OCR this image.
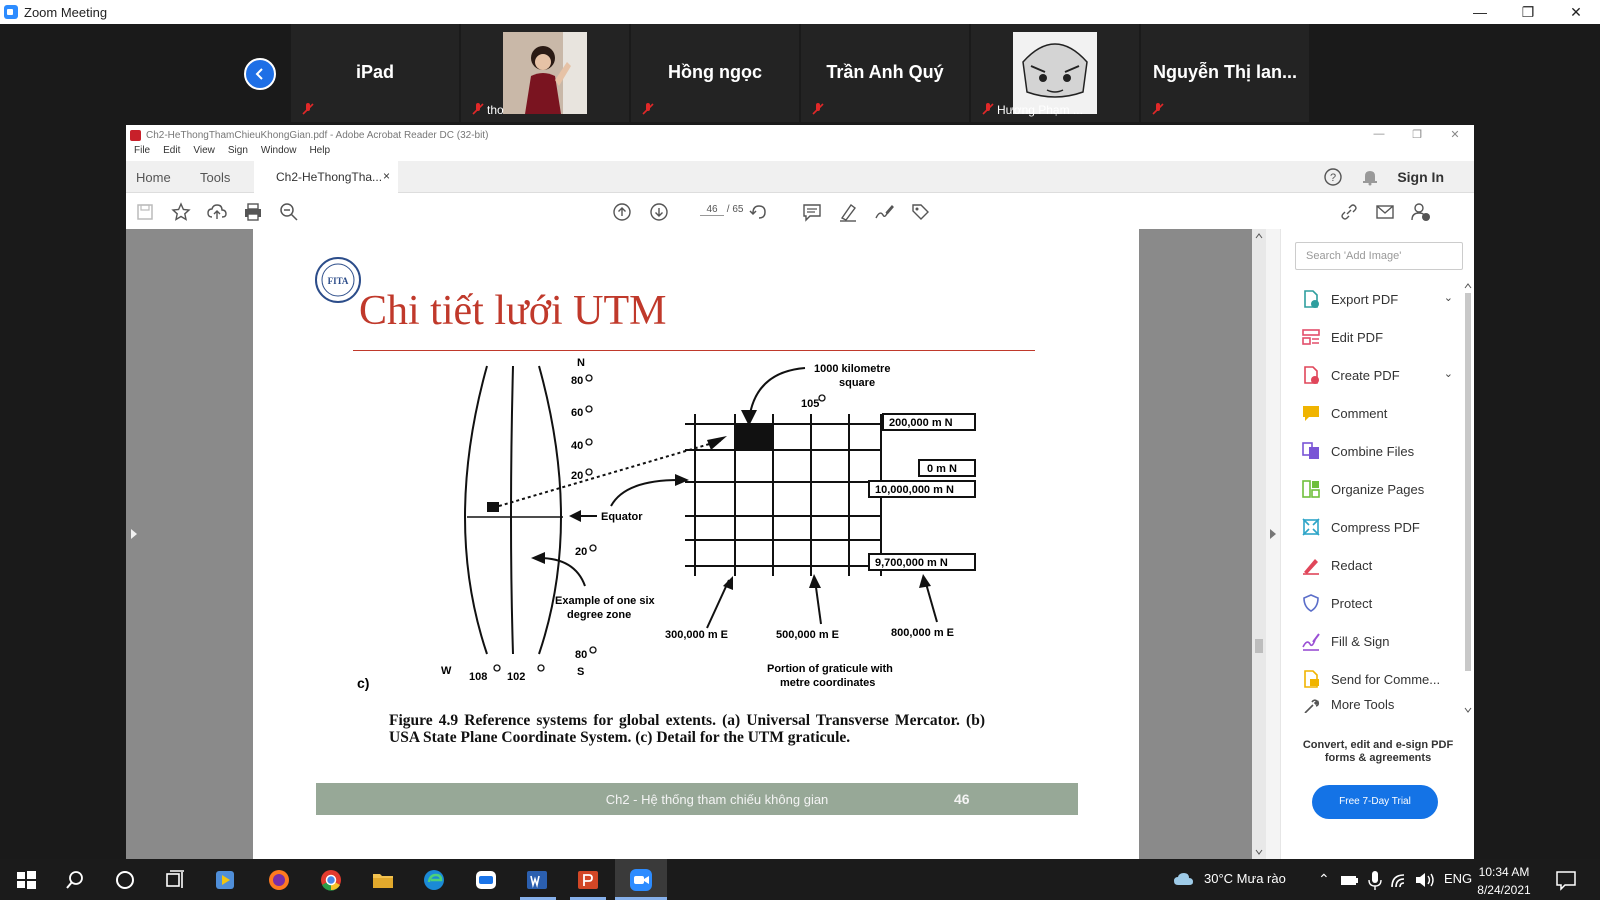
Zoom Meeting	—	❐	✕
iPad
tho
Hồng ngọc	Trần Anh Quý
Hương Phạm ...
Nguyễn Thị lan...
Ch2-HeThongThamChieuKhongGian.pdf - Adobe Acrobat Reader DC (32-bit)	—	❐	✕
File Edit View Sign Window Help
Home Tools	Ch2-HeThongTha... ×	?	Sign In
46 / 65
FITA
Chi tiết lưới UTM
N
80
60
40
20
20
80
S
W 108 102
105
200,000 m N
0 m N
10,000,000 m N
9,700,000 m N
1000 kilometre
square
Equator
Example of one six
degree zone
300,000 m E	500,000 m E	800,000 m E
Portion of graticule with
metre coordinates
c)
Figure 4.9 Reference systems for global extents. (a) Universal Transverse Mercator. (b) USA State Plane Coordinate System. (c) Detail for the UTM graticule.
Ch2 - Hệ thống tham chiếu không gian	46
Search 'Add Image'
Export PDF	⌄
Edit PDF
Create PDF	⌄
Comment
Combine Files
Organize Pages
Compress PDF
Redact
Protect
Fill & Sign
Send for Comme...
More Tools
Convert, edit and e-sign PDF forms & agreements
Free 7-Day Trial
30°C Mưa rào ⌃	ENG 10:34 AM
8/24/2021
